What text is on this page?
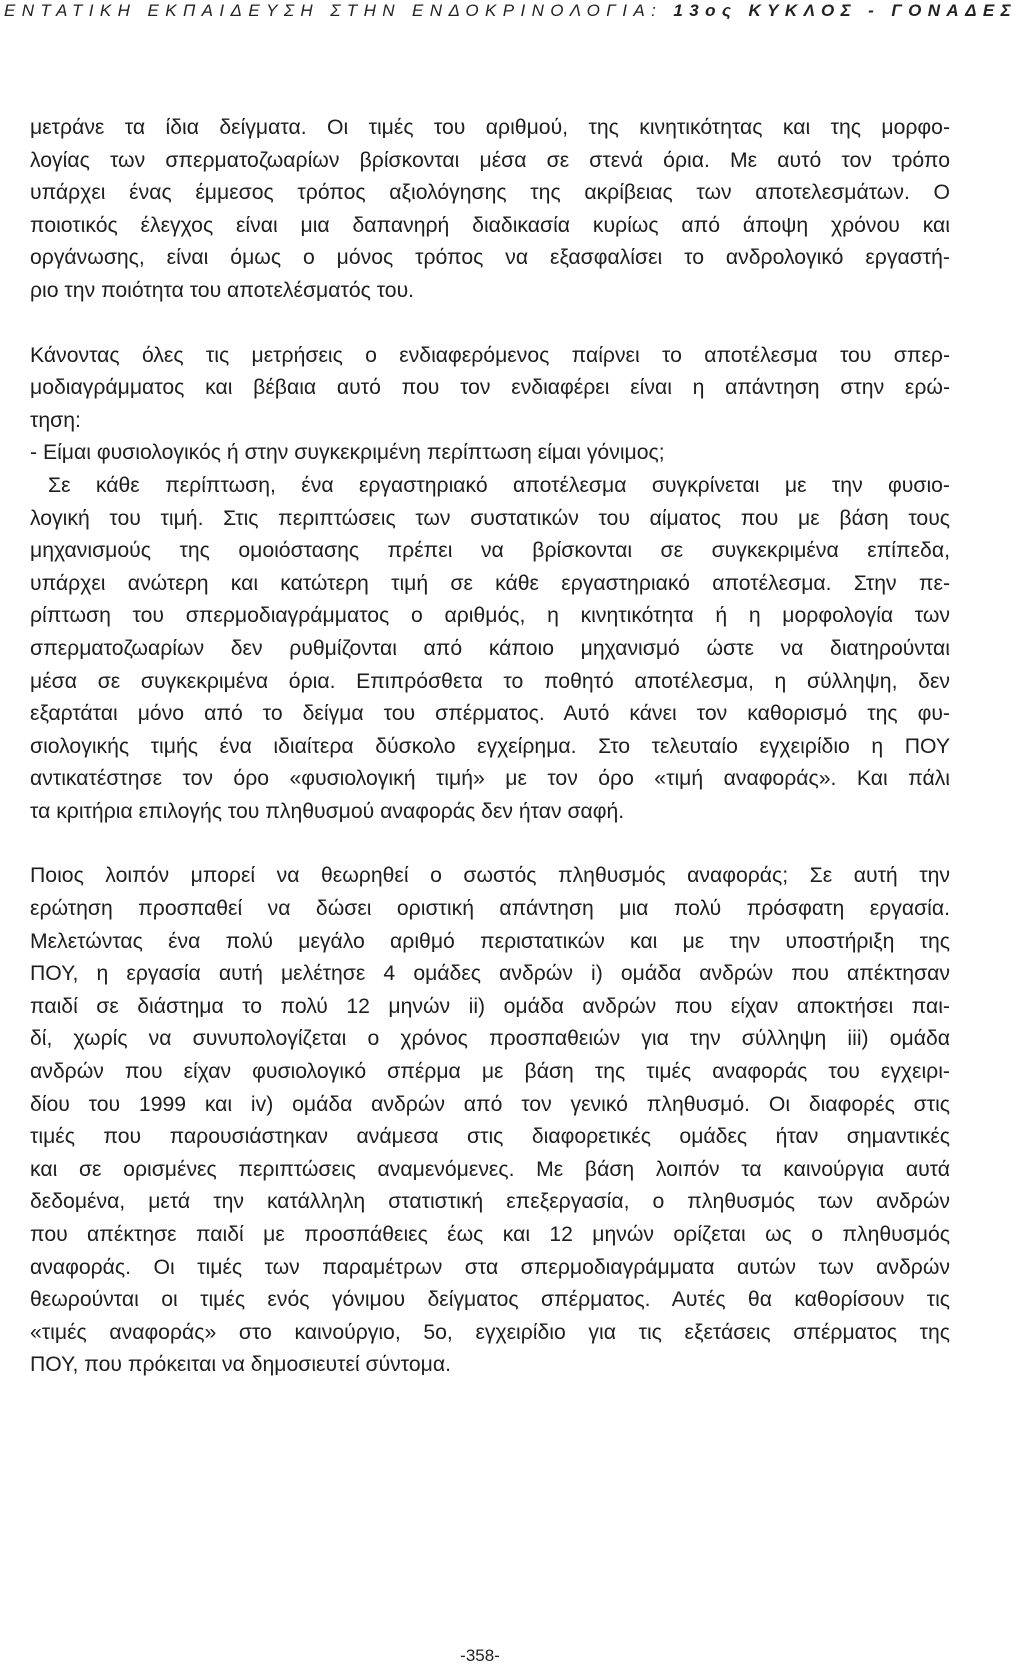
ΕΝΤΑΤΙΚΗ ΕΚΠΑΙΔΕΥΣΗ ΣΤΗΝ ΕΝΔΟΚΡΙΝΟΛΟΓΙΑ: 13ος ΚΥΚΛΟΣ - ΓΟΝΑΔΕΣ
μετράνε τα ίδια δείγματα. Οι τιμές του αριθμού, της κινητικότητας και της μορφο-
λογίας των σπερματοζωαρίων βρίσκονται μέσα σε στενά όρια. Με αυτό τον τρόπο
υπάρχει ένας έμμεσος τρόπος αξιολόγησης της ακρίβειας των αποτελεσμάτων. Ο
ποιοτικός έλεγχος είναι μια δαπανηρή διαδικασία κυρίως από άποψη χρόνου και
οργάνωσης, είναι όμως ο μόνος τρόπος να εξασφαλίσει το ανδρολογικό εργαστή-
ριο την ποιότητα του αποτελέσματός του.
Κάνοντας όλες τις μετρήσεις ο ενδιαφερόμενος παίρνει το αποτέλεσμα του σπερ-
μοδιαγράμματος και βέβαια αυτό που τον ενδιαφέρει είναι η απάντηση στην ερώ-
τηση:
- Είμαι φυσιολογικός ή στην συγκεκριμένη περίπτωση είμαι γόνιμος;
Σε κάθε περίπτωση, ένα εργαστηριακό αποτέλεσμα συγκρίνεται με την φυσιο-
λογική του τιμή. Στις περιπτώσεις των συστατικών του αίματος που με βάση τους
μηχανισμούς της ομοιόστασης πρέπει να βρίσκονται σε συγκεκριμένα επίπεδα,
υπάρχει ανώτερη και κατώτερη τιμή σε κάθε εργαστηριακό αποτέλεσμα. Στην πε-
ρίπτωση του σπερμοδιαγράμματος ο αριθμός, η κινητικότητα ή η μορφολογία των
σπερματοζωαρίων δεν ρυθμίζονται από κάποιο μηχανισμό ώστε να διατηρούνται
μέσα σε συγκεκριμένα όρια. Επιπρόσθετα το ποθητό αποτέλεσμα, η σύλληψη, δεν
εξαρτάται μόνο από το δείγμα του σπέρματος. Αυτό κάνει τον καθορισμό της φυ-
σιολογικής τιμής ένα ιδιαίτερα δύσκολο εγχείρημα. Στο τελευταίο εγχειρίδιο η ΠΟΥ
αντικατέστησε τον όρο «φυσιολογική τιμή» με τον όρο «τιμή αναφοράς». Και πάλι
τα κριτήρια επιλογής του πληθυσμού αναφοράς δεν ήταν σαφή.
Ποιος λοιπόν μπορεί να θεωρηθεί ο σωστός πληθυσμός αναφοράς; Σε αυτή την
ερώτηση προσπαθεί να δώσει οριστική απάντηση μια πολύ πρόσφατη εργασία.
Μελετώντας ένα πολύ μεγάλο αριθμό περιστατικών και με την υποστήριξη της
ΠΟΥ, η εργασία αυτή μελέτησε 4 ομάδες ανδρών i) ομάδα ανδρών που απέκτησαν
παιδί σε διάστημα το πολύ 12 μηνών ii) ομάδα ανδρών που είχαν αποκτήσει παι-
δί, χωρίς να συνυπολογίζεται ο χρόνος προσπαθειών για την σύλληψη iii) ομάδα
ανδρών που είχαν φυσιολογικό σπέρμα με βάση της τιμές αναφοράς του εγχειρι-
δίου του 1999 και iv) ομάδα ανδρών από τον γενικό πληθυσμό. Οι διαφορές στις
τιμές που παρουσιάστηκαν ανάμεσα στις διαφορετικές ομάδες ήταν σημαντικές
και σε ορισμένες περιπτώσεις αναμενόμενες. Με βάση λοιπόν τα καινούργια αυτά
δεδομένα, μετά την κατάλληλη στατιστική επεξεργασία, ο πληθυσμός των ανδρών
που απέκτησε παιδί με προσπάθειες έως και 12 μηνών ορίζεται ως ο πληθυσμός
αναφοράς. Οι τιμές των παραμέτρων στα σπερμοδιαγράμματα αυτών των ανδρών
θεωρούνται οι τιμές ενός γόνιμου δείγματος σπέρματος. Αυτές θα καθορίσουν τις
«τιμές αναφοράς» στο καινούργιο, 5ο, εγχειρίδιο για τις εξετάσεις σπέρματος της
ΠΟΥ, που πρόκειται να δημοσιευτεί σύντομα.
-358-
